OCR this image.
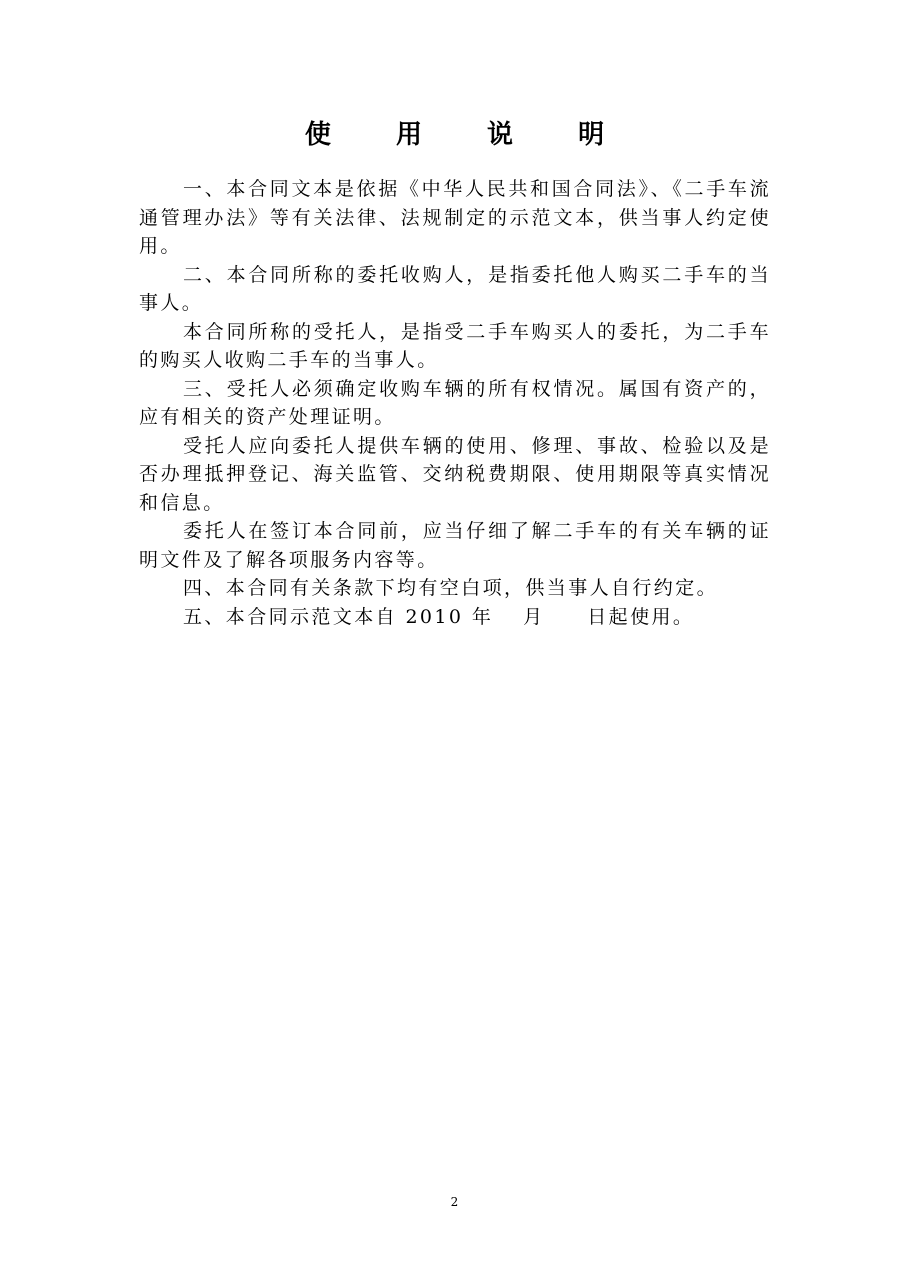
使 用 说 明

一、本合同文本是依据《中华人民共和国合同法》、《二手车流通管理办法》等有关法律、法规制定的示范文本，供当事人约定使用。

二、本合同所称的委托收购人，是指委托他人购买二手车的当事人。

本合同所称的受托人，是指受二手车购买人的委托，为二手车的购买人收购二手车的当事人。

三、受托人必须确定收购车辆的所有权情况。属国有资产的，应有相关的资产处理证明。

受托人应向委托人提供车辆的使用、修理、事故、检验以及是否办理抵押登记、海关监管、交纳税费期限、使用期限等真实情况和信息。

委托人在签订本合同前，应当仔细了解二手车的有关车辆的证明文件及了解各项服务内容等。

四、本合同有关条款下均有空白项，供当事人自行约定。

五、本合同示范文本自 2010 年　 月　　日起使用。

2
